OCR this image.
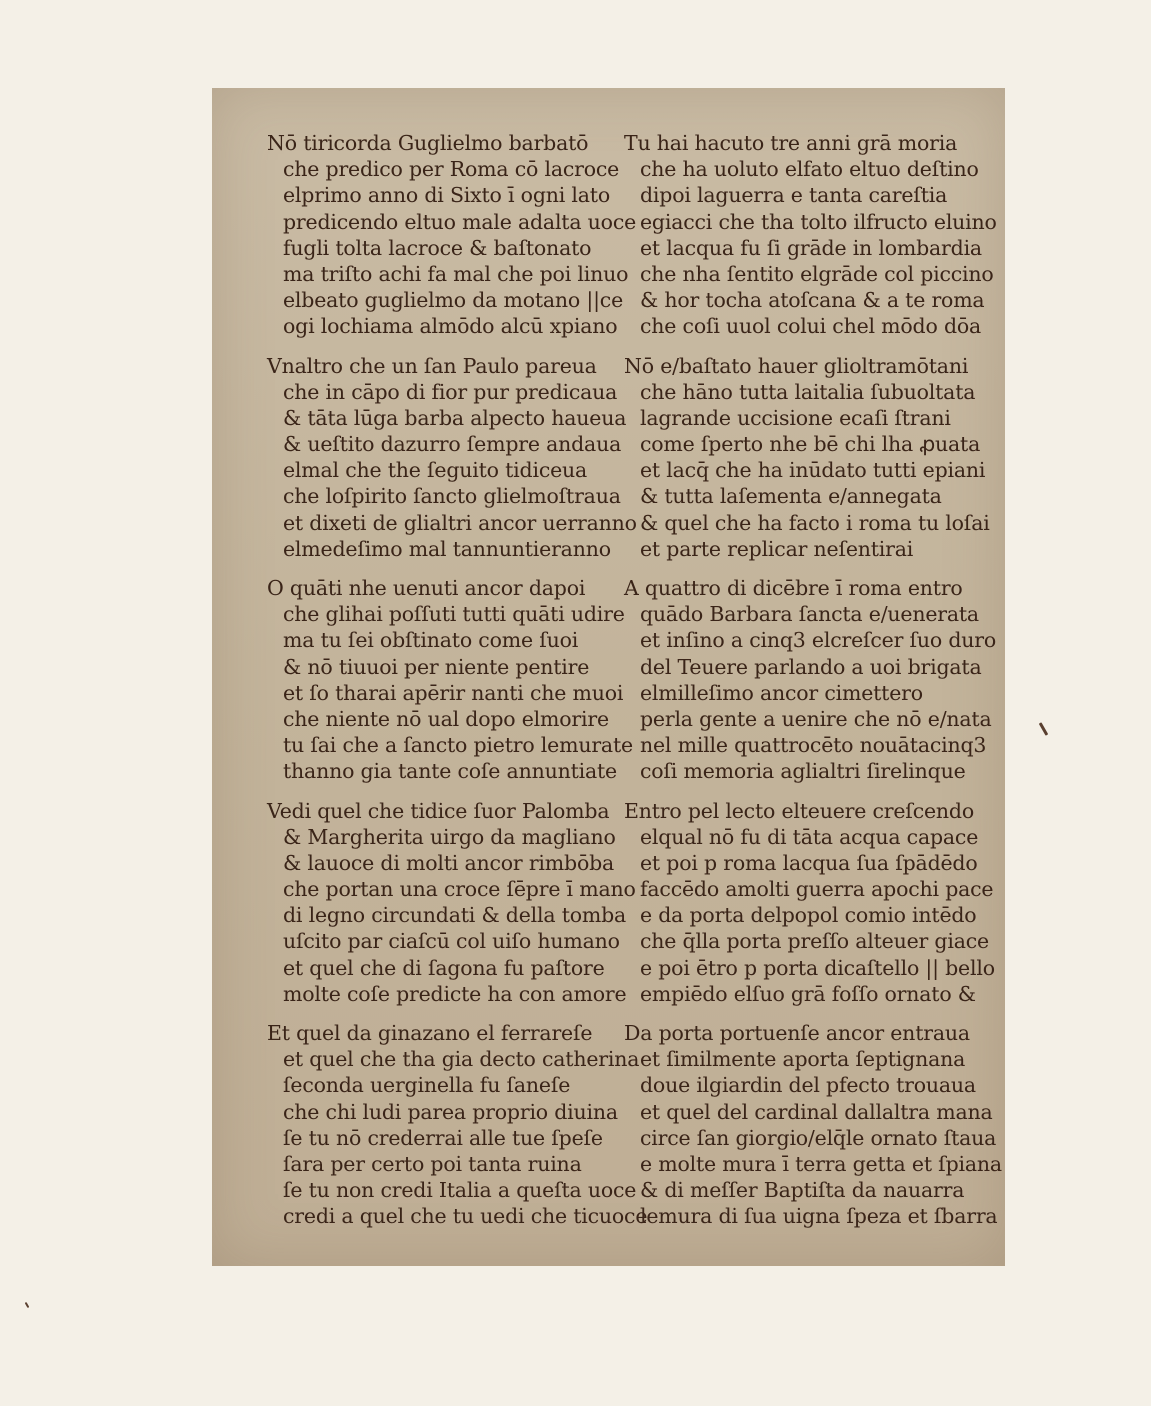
Nō tiricorda Guglielmo barbatō
che predico per Roma cō lacroce
elprimo anno di Sixto ī ogni lato
predicendo eltuo male adalta uoce
fugli tolta lacroce & baſtonato
ma triſto achi fa mal che poi linuo
elbeato guglielmo da motano ||ce
ogi lochiama almōdo alcū xpiano
Vnaltro che un ſan Paulo pareua
che in cāpo di fior pur predicaua
& tāta lūga barba alpecto haueua
& ueſtito dazurro ſempre andaua
elmal che the ſeguito tidiceua
che loſpirito ſancto glielmoſtraua
et dixeti de glialtri ancor uerranno
elmedeſimo mal tannuntieranno
O quāti nhe uenuti ancor dapoi
che glihai poſſuti tutti quāti udire
ma tu ſei obſtinato come ſuoi
& nō tiuuoi per niente pentire
et ſo tharai apērir nanti che muoi
che niente nō ual dopo elmorire
tu ſai che a ſancto pietro lemurate
thanno gia tante coſe annuntiate
Vedi quel che tidice ſuor Palomba
& Margherita uirgo da magliano
& lauoce di molti ancor rimbōba
che portan una croce ſēpre ī mano
di legno circundati & della tomba
uſcito par ciaſcū col uiſo humano
et quel che di ſagona fu paſtore
molte coſe predicte ha con amore
Et quel da ginazano el ferrareſe
et quel che tha gia decto catherina
ſeconda uerginella fu ſaneſe
che chi ludi parea proprio diuina
ſe tu nō crederrai alle tue ſpeſe
ſara per certo poi tanta ruina
ſe tu non credi Italia a queſta uoce
credi a quel che tu uedi che ticuoce
Tu hai hacuto tre anni grā moria
che ha uoluto elfato eltuo deſtino
dipoi laguerra e tanta careſtia
egiacci che tha tolto ilfructo eluino
et lacqua fu ſi grāde in lombardia
che nha ſentito elgrāde col piccino
& hor tocha atoſcana & a te roma
che coſi uuol colui chel mōdo dōa
Nō e/baſtato hauer glioltramōtani
che hāno tutta laitalia ſubuoltata
lagrande uccisione ecaſi ſtrani
come ſperto nhe bē chi lha ꝓuata
et lacq̄ che ha inūdato tutti epiani
& tutta laſementa e/annegata
& quel che ha facto i roma tu loſai
et parte replicar neſentirai
A quattro di dicēbre ī roma entro
quādo Barbara ſancta e/uenerata
et inſino a cinq3 elcreſcer ſuo duro
del Teuere parlando a uoi brigata
elmilleſimo ancor cimettero
perla gente a uenire che nō e/nata
nel mille quattrocēto nouātacinq3
coſi memoria aglialtri ſirelinque
Entro pel lecto elteuere creſcendo
elqual nō fu di tāta acqua capace
et poi p roma lacqua ſua ſpādēdo
faccēdo amolti guerra apochi pace
e da porta delpopol comio intēdo
che q̄lla porta preſſo alteuer giace
e poi ētro p porta dicaſtello || bello
empiēdo elſuo grā foſſo ornato &
Da porta portuenſe ancor entraua
et ſimilmente aporta ſeptignana
doue ilgiardin del pfecto trouaua
et quel del cardinal dallaltra mana
circe ſan giorgio/elq̄le ornato ſtaua
e molte mura ī terra getta et ſpiana
& di meſſer Baptiſta da nauarra
lemura di ſua uigna ſpeza et ſbarra
